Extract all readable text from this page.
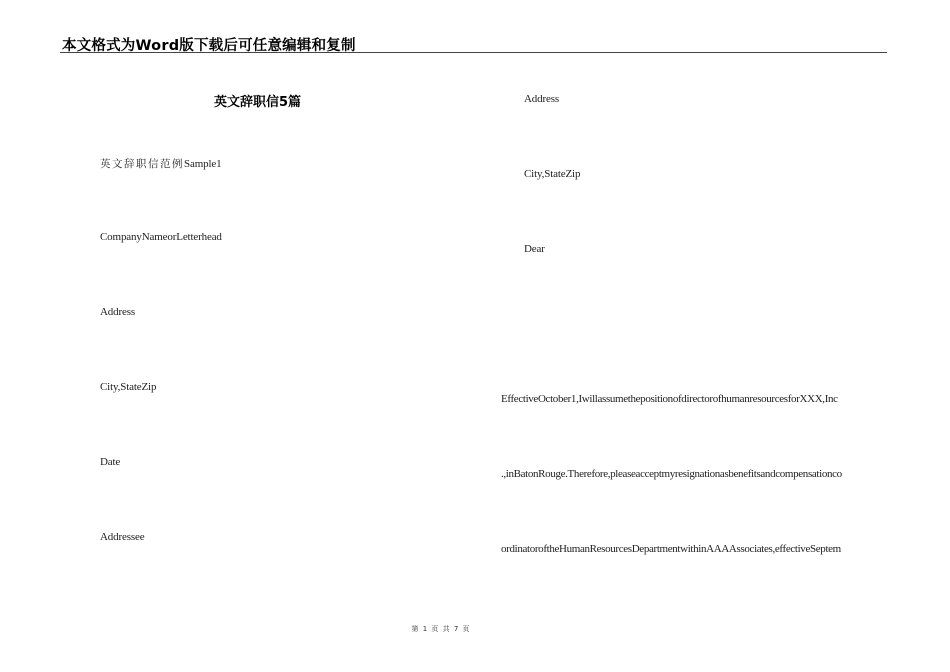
本文格式为Word版下载后可任意编辑和复制
英文辞职信5篇
英文辞职信范例Sample1
CompanyNameorLetterhead
Address
City,StateZip
Date
Addressee
Address
City,StateZip
Dear
EffectiveOctober1,IwillassumethepositionofdirectorofhumanresourcesforXXX,Inc
.,inBatonRouge.Therefore,pleaseacceptmyresignationasbenefitsandcompensationco
ordinatoroftheHumanResourcesDepartmentwithinAAAAssociates,effectiveSeptem
第 1 页 共 7 页
